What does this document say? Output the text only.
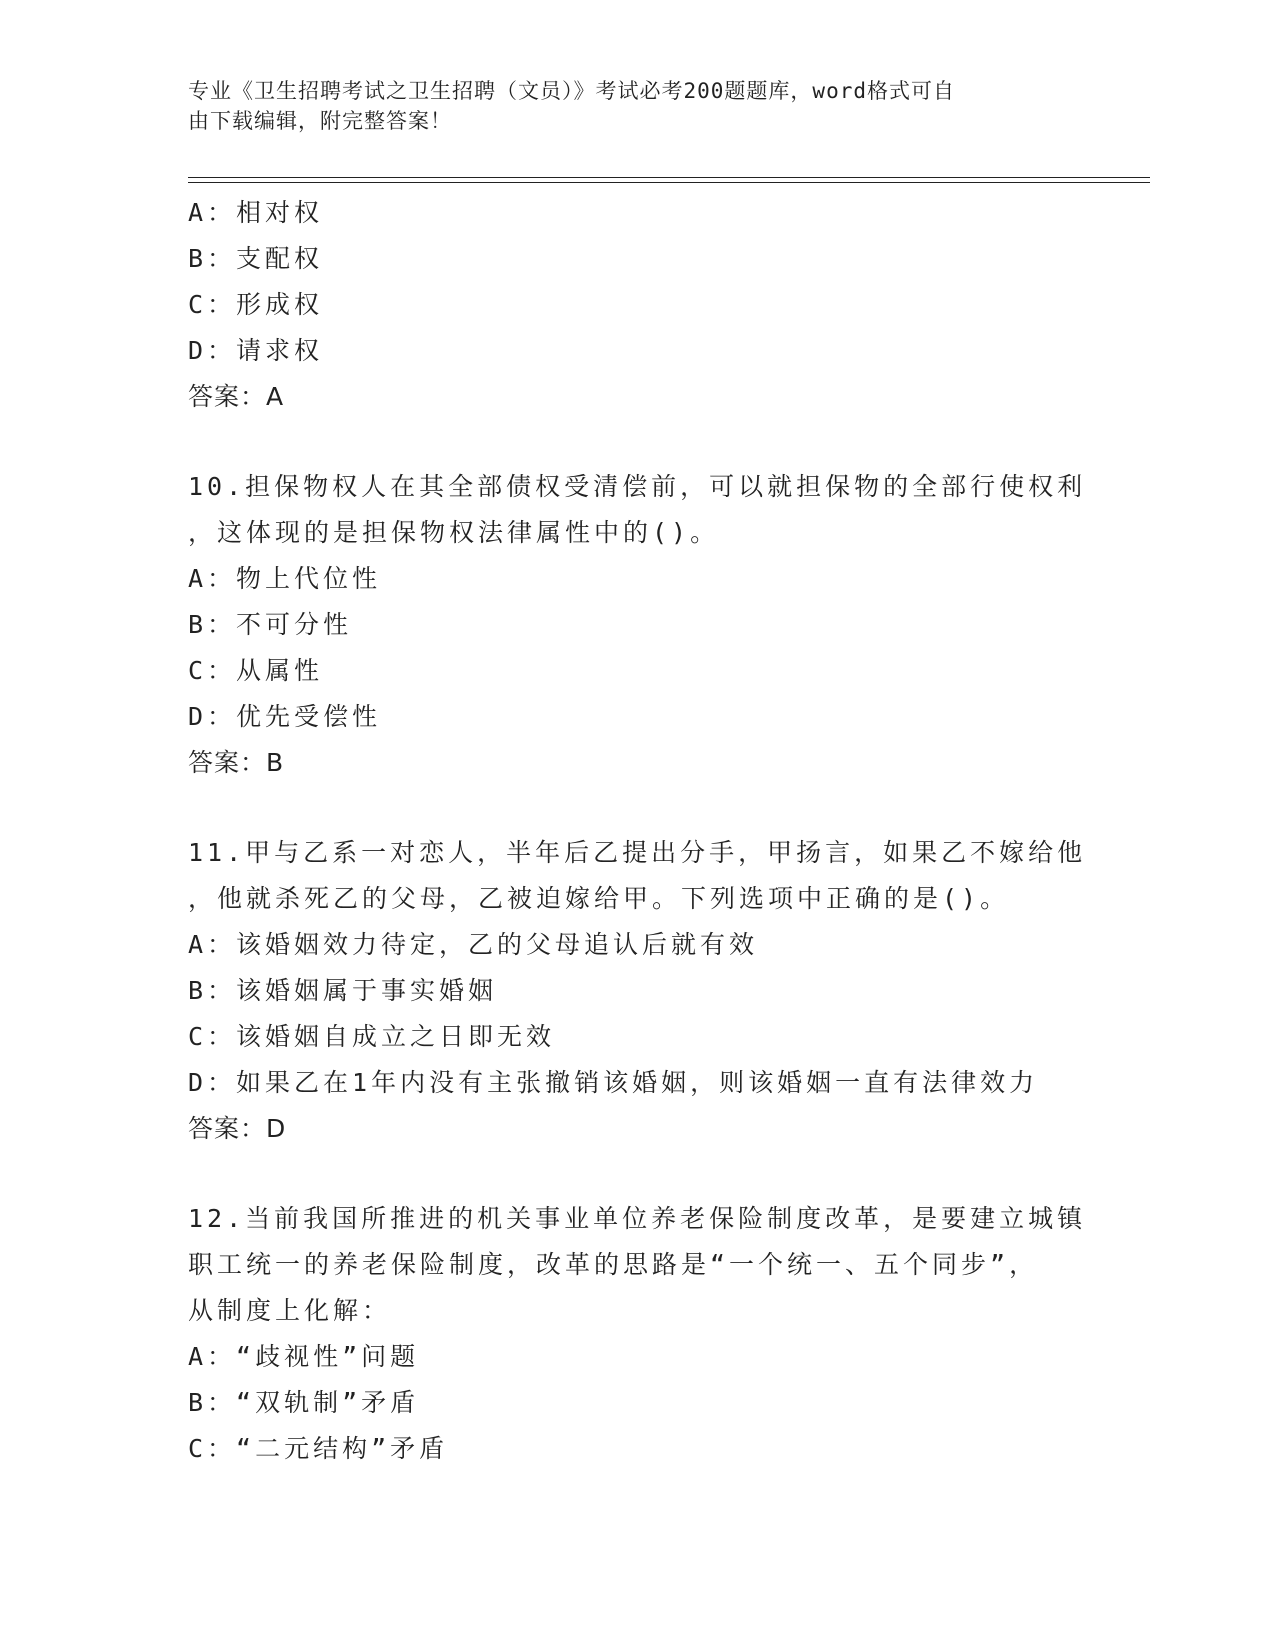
专业《卫生招聘考试之卫生招聘（文员）》考试必考200题题库，word格式可自
由下载编辑，附完整答案！
A：相对权
B：支配权
C：形成权
D：请求权
答案：A
10.担保物权人在其全部债权受清偿前，可以就担保物的全部行使权利
，这体现的是担保物权法律属性中的()。
A：物上代位性
B：不可分性
C：从属性
D：优先受偿性
答案：B
11.甲与乙系一对恋人，半年后乙提出分手，甲扬言，如果乙不嫁给他
，他就杀死乙的父母，乙被迫嫁给甲。下列选项中正确的是()。
A：该婚姻效力待定，乙的父母追认后就有效
B：该婚姻属于事实婚姻
C：该婚姻自成立之日即无效
D：如果乙在1年内没有主张撤销该婚姻，则该婚姻一直有法律效力
答案：D
12.当前我国所推进的机关事业单位养老保险制度改革，是要建立城镇
职工统一的养老保险制度，改革的思路是“一个统一、五个同步”，
从制度上化解：
A：“歧视性”问题
B：“双轨制”矛盾
C：“二元结构”矛盾
